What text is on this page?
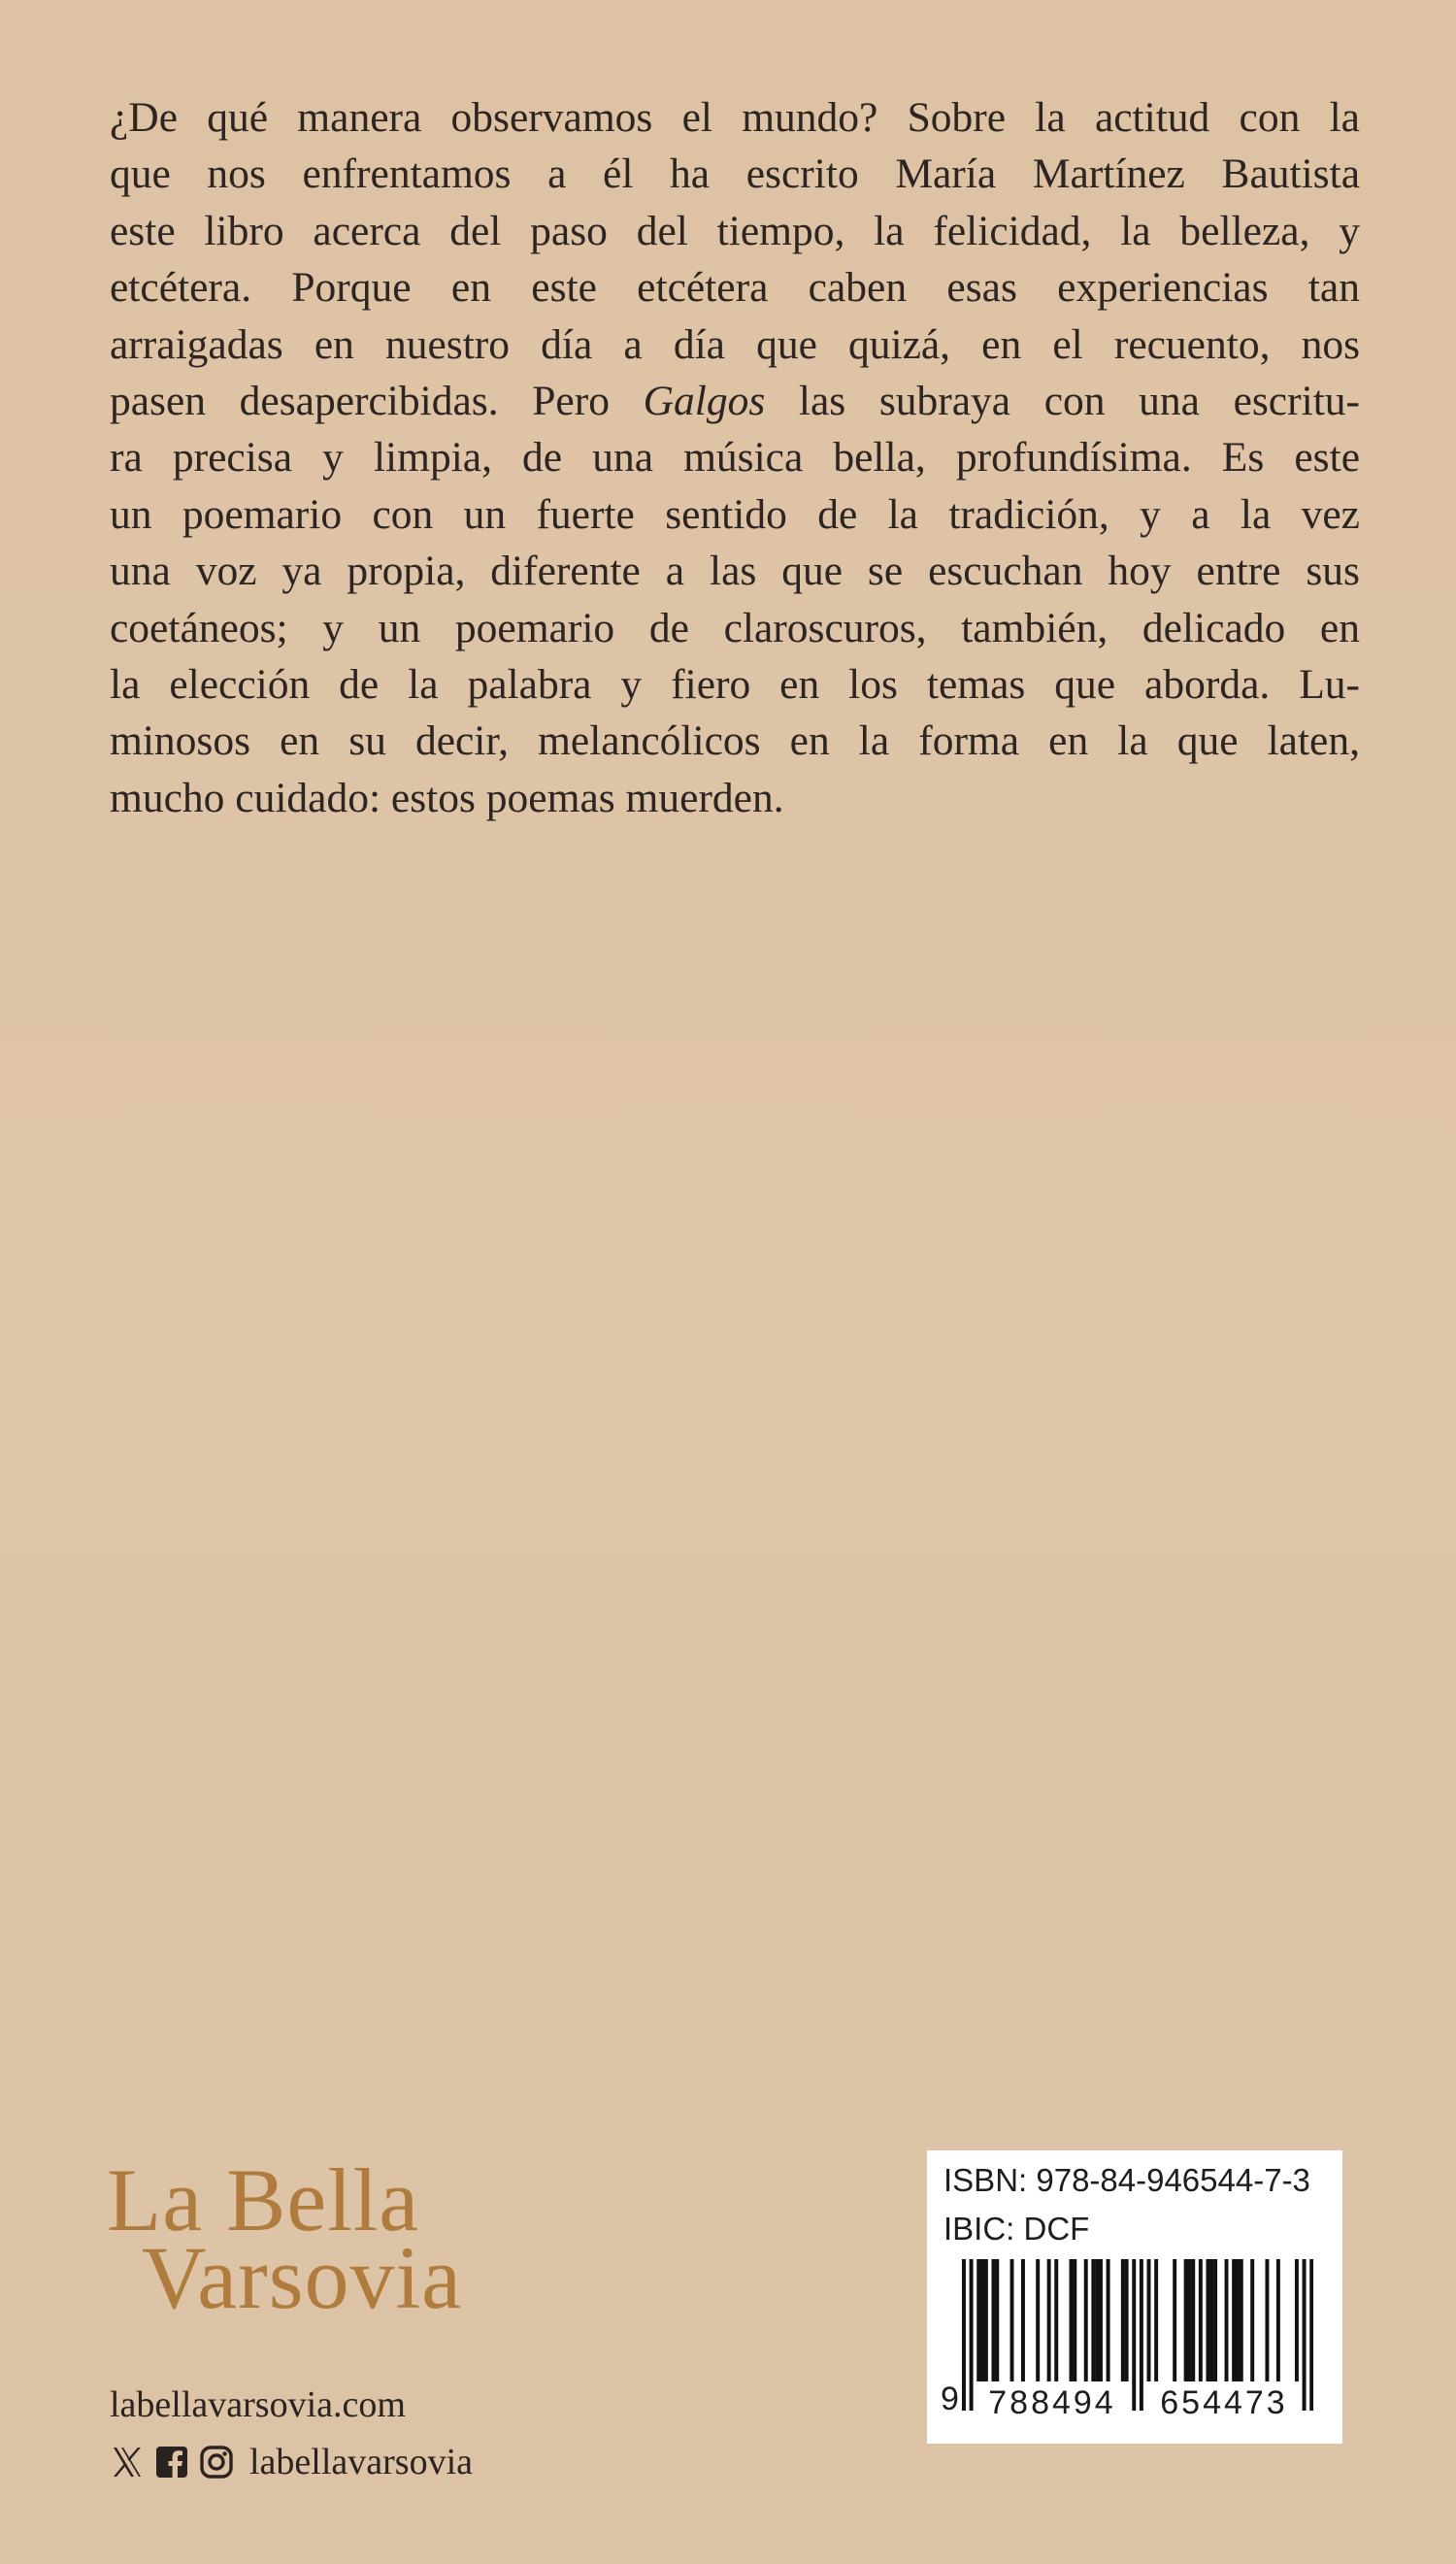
¿De qué manera observamos el mundo? Sobre la actitud con la
que nos enfrentamos a él ha escrito María Martínez Bautista
este libro acerca del paso del tiempo, la felicidad, la belleza, y
etcétera. Porque en este etcétera caben esas experiencias tan
arraigadas en nuestro día a día que quizá, en el recuento, nos
pasen desapercibidas. Pero Galgos las subraya con una escritu-
ra precisa y limpia, de una música bella, profundísima. Es este
un poemario con un fuerte sentido de la tradición, y a la vez
una voz ya propia, diferente a las que se escuchan hoy entre sus
coetáneos; y un poemario de claroscuros, también, delicado en
la elección de la palabra y fiero en los temas que aborda. Lu-
minosos en su decir, melancólicos en la forma en la que laten,
mucho cuidado: estos poemas muerden.
La Bella
Varsovia
labellavarsovia.com
labellavarsovia
ISBN: 978-84-946544-7-3
IBIC: DCF
9 788494	654473
